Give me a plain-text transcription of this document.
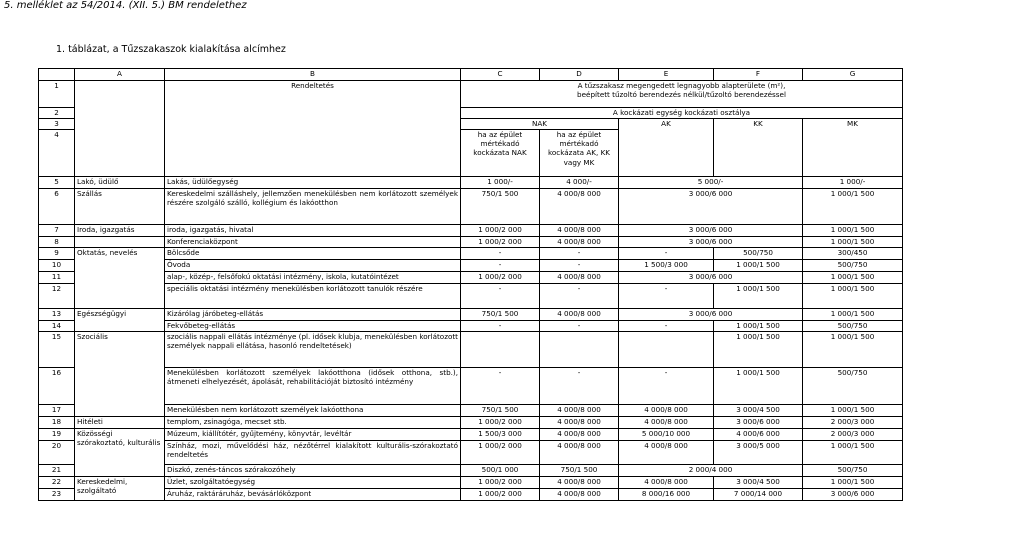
5. melléklet az 54/2014. (XII. 5.) BM rendelethez
1. táblázat, a Tűzszakaszok kialakítása alcímhez
	A	B	C	D	E	F	G
1		Rendeltetés	A tűzszakasz megengedett legnagyobb alapterülete (m²),
beépített tűzoltó berendezés nélkül/tűzoltó berendezéssel				
2			A kockázati egység kockázati osztálya				
3			NAK		AK	KK	MK
4			ha az épület mértékadó kockázata NAK	ha az épület mértékadó kockázata AK, KK vagy MK			
5	Lakó, üdülő	Lakás, üdülőegység	1 000/-	4 000/-	5 000/-		1 000/-
6	Szállás	Kereskedelmi szálláshely, jellemzően menekülésben nem korlátozott személyek részére szolgáló szálló, kollégium és lakóotthon	750/1 500	4 000/8 000	3 000/6 000		1 000/1 500
7	Iroda, igazgatás	iroda, igazgatás, hivatal	1 000/2 000	4 000/8 000	3 000/6 000		1 000/1 500
8		Konferenciaközpont	1 000/2 000	4 000/8 000	3 000/6 000		1 000/1 500
9	Oktatás, nevelés	Bölcsőde	-	-	-	500/750	300/450
10		Óvoda	-	-	1 500/3 000	1 000/1 500	500/750
11		alap-, közép-, felsőfokú oktatási intézmény, iskola, kutatóintézet	1 000/2 000	4 000/8 000	3 000/6 000		1 000/1 500
12		speciális oktatási intézmény menekülésben korlátozott tanulók részére	-	-	-	1 000/1 500	1 000/1 500
13	Egészségügyi	Kizárólag járóbeteg-ellátás	750/1 500	4 000/8 000	3 000/6 000		1 000/1 500
14		Fekvőbeteg-ellátás	-	-	-	1 000/1 500	500/750
15	Szociális	szociális nappali ellátás intézménye (pl. idősek klubja, menekülésben korlátozott személyek nappali ellátása, hasonló rendeltetések)				1 000/1 500	1 000/1 500
16		Menekülésben korlátozott személyek lakóotthona (idősek otthona, stb.), átmeneti elhelyezését, ápolását, rehabilitációját biztosító intézmény	-	-	-	1 000/1 500	500/750
17		Menekülésben nem korlátozott személyek lakóotthona	750/1 500	4 000/8 000	4 000/8 000	3 000/4 500	1 000/1 500
18	Hitéleti	templom, zsinagóga, mecset stb.	1 000/2 000	4 000/8 000	4 000/8 000	3 000/6 000	2 000/3 000
19	Közösségi szórakoztató, kulturális	Múzeum, kiállítótér, gyűjtemény, könyvtár, levéltár	1 500/3 000	4 000/8 000	5 000/10 000	4 000/6 000	2 000/3 000
20		Színház, mozi, művelődési ház, nézőtérrel kialakított kulturális-szórakoztató rendeltetés	1 000/2 000	4 000/8 000	4 000/8 000	3 000/5 000	1 000/1 500
21		Diszkó, zenés-táncos szórakozóhely	500/1 000	750/1 500	2 000/4 000		500/750
22	Kereskedelmi, szolgáltató	Üzlet, szolgáltatóegység	1 000/2 000	4 000/8 000	4 000/8 000	3 000/4 500	1 000/1 500
23		Áruház, raktáráruház, bevásárlóközpont	1 000/2 000	4 000/8 000	8 000/16 000	7 000/14 000	3 000/6 000
